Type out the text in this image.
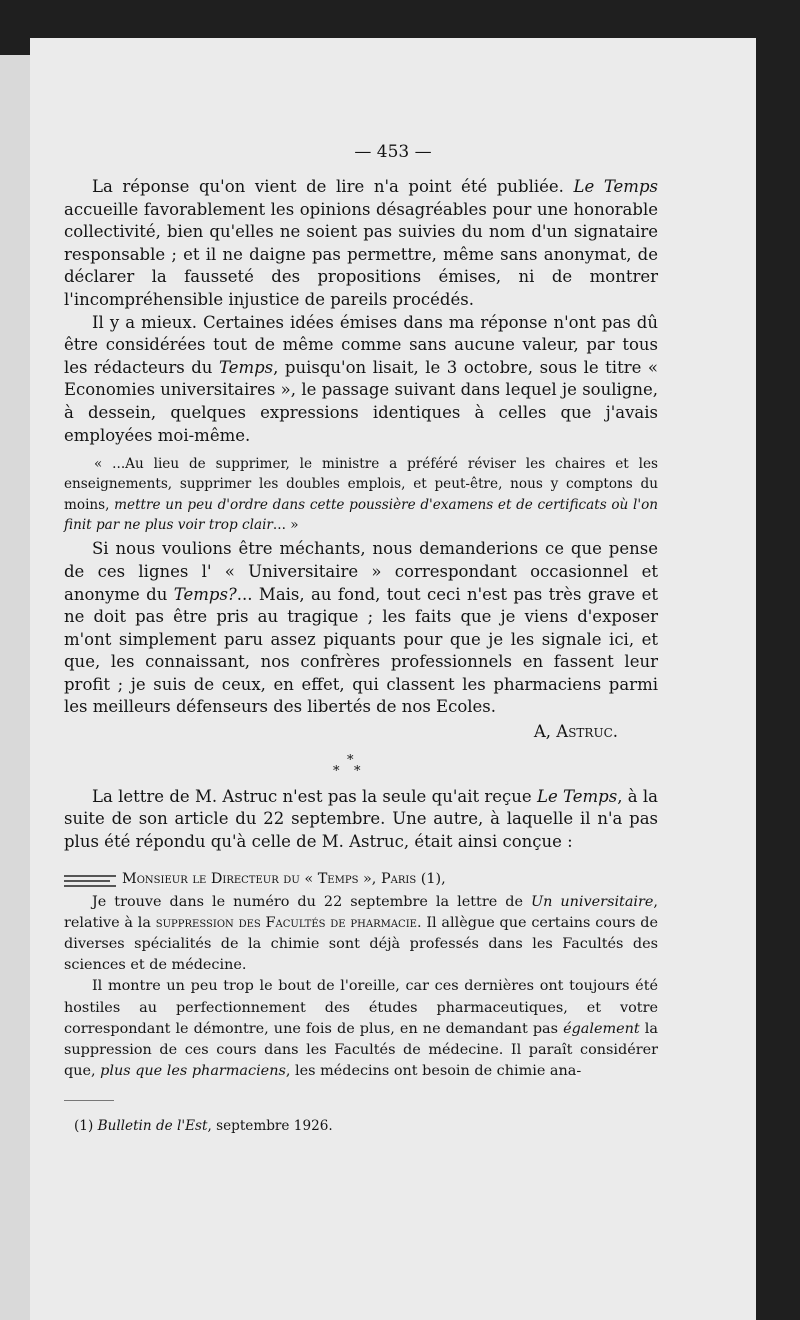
— 453 —

La réponse qu'on vient de lire n'a point été publiée. Le Temps accueille favorablement les opinions désagréables pour une honorable collectivité, bien qu'elles ne soient pas suivies du nom d'un signataire responsable ; et il ne daigne pas permettre, même sans anonymat, de déclarer la fausseté des propositions émises, ni de montrer l'incompréhensible injustice de pareils procédés.

Il y a mieux. Certaines idées émises dans ma réponse n'ont pas dû être considérées tout de même comme sans aucune valeur, par tous les rédacteurs du Temps, puisqu'on lisait, le 3 octobre, sous le titre « Economies universitaires », le passage suivant dans lequel je souligne, à dessein, quelques expressions identiques à celles que j'avais employées moi-même.

« ...Au lieu de supprimer, le ministre a préféré réviser les chaires et les enseignements, supprimer les doubles emplois, et peut-être, nous y comptons du moins, mettre un peu d'ordre dans cette poussière d'examens et de certificats où l'on finit par ne plus voir trop clair... »

Si nous voulions être méchants, nous demanderions ce que pense de ces lignes l' « Universitaire » correspondant occasionnel et anonyme du Temps?... Mais, au fond, tout ceci n'est pas très grave et ne doit pas être pris au tragique ; les faits que je viens d'exposer m'ont simplement paru assez piquants pour que je les signale ici, et que, les connaissant, nos confrères professionnels en fassent leur profit ; je suis de ceux, en effet, qui classent les pharmaciens parmi les meilleurs défenseurs des libertés de nos Ecoles.

A, Astruc.

*
* *

La lettre de M. Astruc n'est pas la seule qu'ait reçue Le Temps, à la suite de son article du 22 septembre. Une autre, à laquelle il n'a pas plus été répondu qu'à celle de M. Astruc, était ainsi conçue :

Monsieur le Directeur du « Temps », Paris (1),

Je trouve dans le numéro du 22 septembre la lettre de Un universitaire, relative à la suppression des Facultés de pharmacie. Il allègue que certains cours de diverses spécialités de la chimie sont déjà professés dans les Facultés des sciences et de médecine.

Il montre un peu trop le bout de l'oreille, car ces dernières ont toujours été hostiles au perfectionnement des études pharmaceutiques, et votre correspondant le démontre, une fois de plus, en ne demandant pas également la suppression de ces cours dans les Facultés de médecine. Il paraît considérer que, plus que les pharmaciens, les médecins ont besoin de chimie ana-

(1) Bulletin de l'Est, septembre 1926.
